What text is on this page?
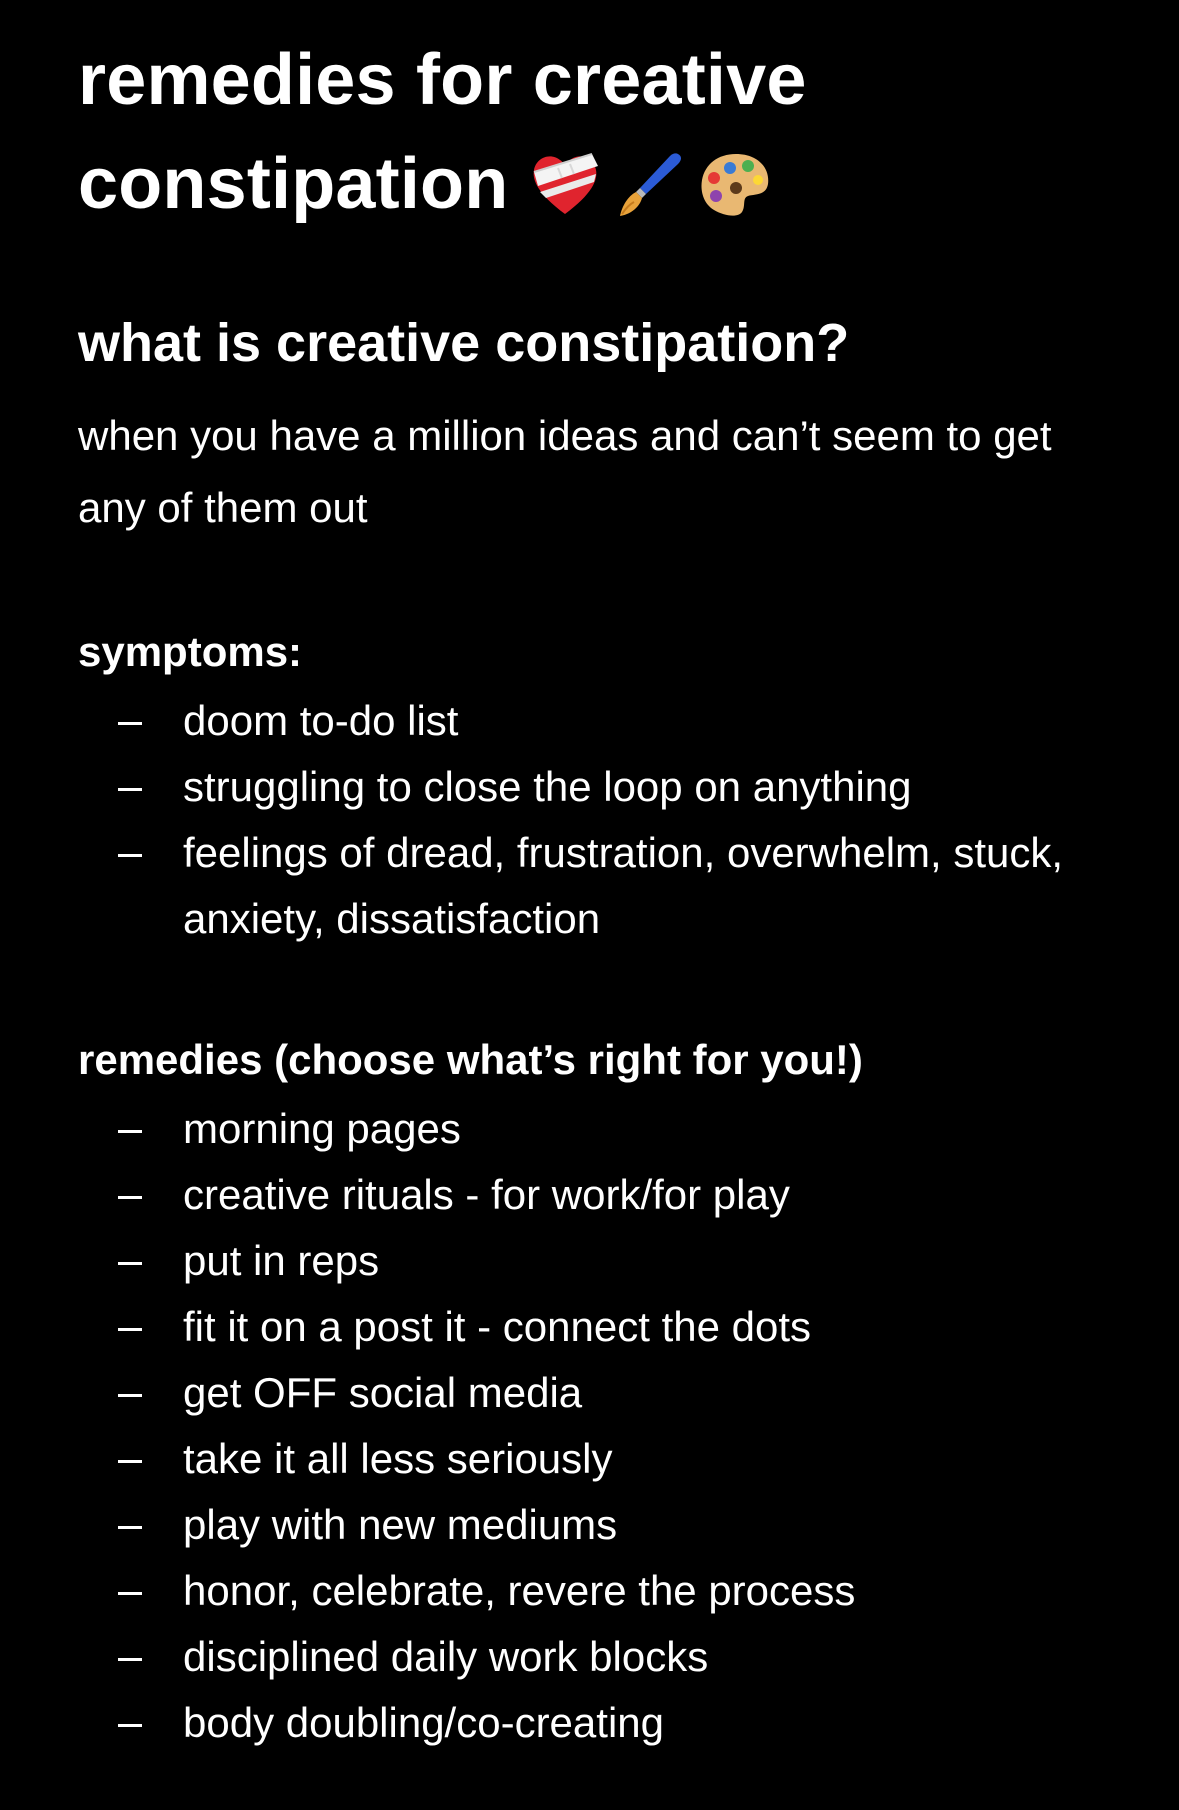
remedies for creative constipation
what is creative constipation?

when you have a million ideas and can’t seem to get any of them out

symptoms:

doom to-do list
struggling to close the loop on anything
feelings of dread, frustration, overwhelm, stuck, anxiety, dissatisfaction

remedies (choose what’s right for you!)

morning pages
creative rituals - for work/for play
put in reps
fit it on a post it - connect the dots
get OFF social media
take it all less seriously
play with new mediums
honor, celebrate, revere the process
disciplined daily work blocks
body doubling/co-creating
